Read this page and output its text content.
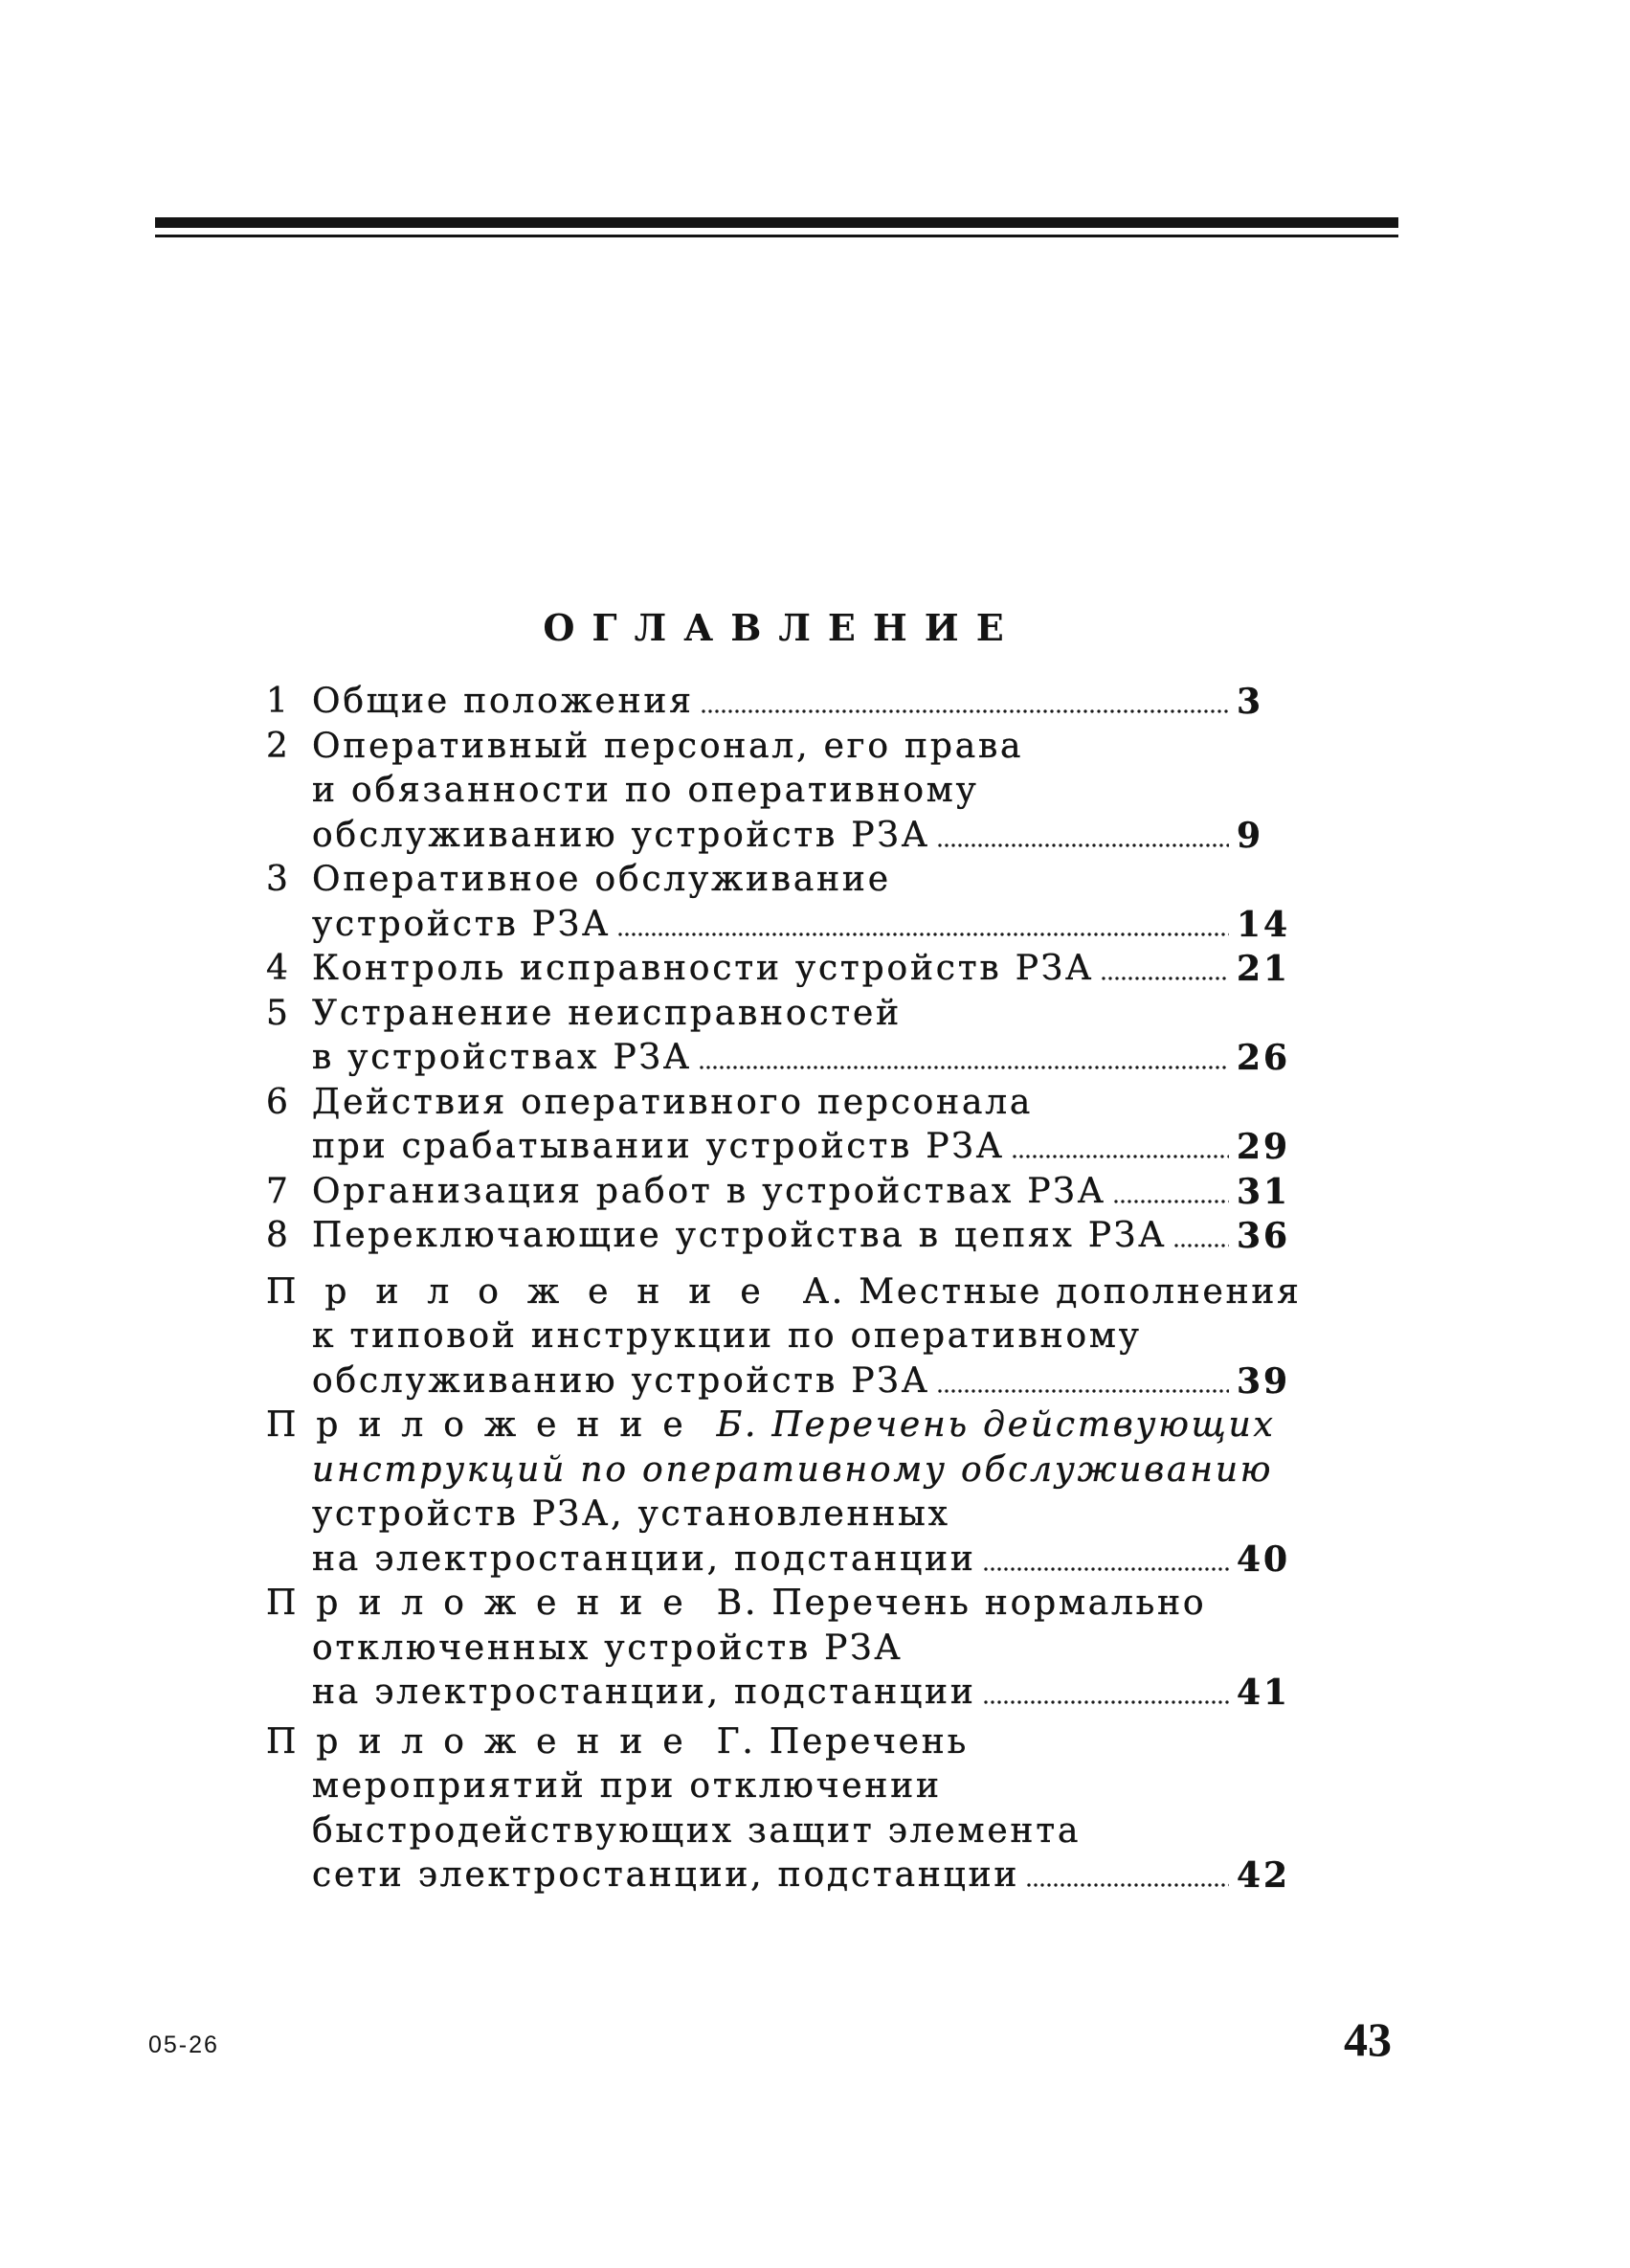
ОГЛАВЛЕНИЕ
1 Общие положения	3
2 Оперативный персонал, его права
и обязанности по оперативному
обслуживанию устройств РЗА	9
3 Оперативное обслуживание
устройств РЗА	14
4 Контроль исправности устройств РЗА	21
5 Устранение неисправностей
в устройствах РЗА	26
6 Действия оперативного персонала
при срабатывании устройств РЗА	29
7 Организация работ в устройствах РЗА	31
8 Переключающие устройства в цепях РЗА 36
Приложение А. Местные дополнения
к типовой инструкции по оперативному
обслуживанию устройств РЗА	39
Приложение Б. Перечень действующих
инструкций по оперативному обслуживанию
устройств РЗА, установленных
на электростанции, подстанции	40
Приложение В. Перечень нормально
отключенных устройств РЗА
на электростанции, подстанции	41
Приложение Г. Перечень
мероприятий при отключении
быстродействующих защит элемента
сети электростанции, подстанции	42
05-26	43
